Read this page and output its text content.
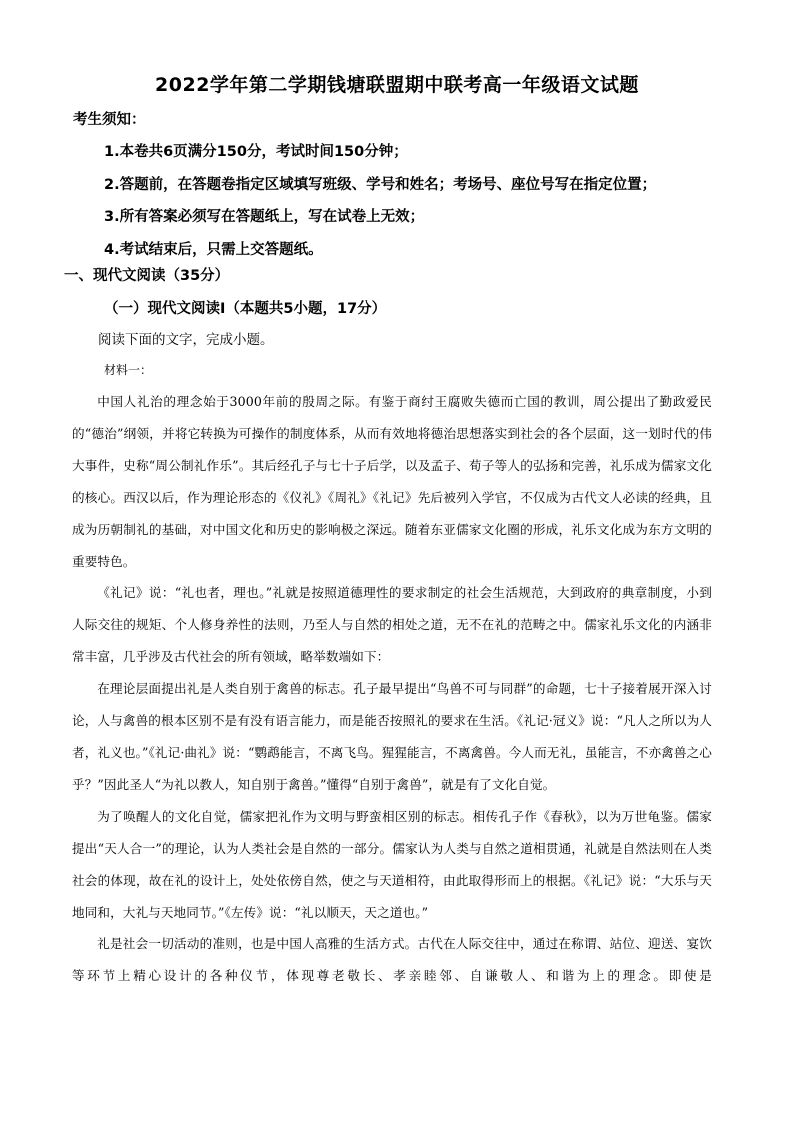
2022学年第二学期钱塘联盟期中联考高一年级语文试题
考生须知：
1.本卷共6页满分150分，考试时间150分钟；
2.答题前，在答题卷指定区域填写班级、学号和姓名；考场号、座位号写在指定位置；
3.所有答案必须写在答题纸上，写在试卷上无效；
4.考试结束后，只需上交答题纸。
一、现代文阅读（35分）
（一）现代文阅读Ⅰ（本题共5小题，17分）
阅读下面的文字，完成小题。
材料一：

中国人礼治的理念始于3000年前的殷周之际。有鉴于商纣王腐败失德而亡国的教训，周公提出了勤政爱民的“德治”纲领，并将它转换为可操作的制度体系，从而有效地将德治思想落实到社会的各个层面，这一划时代的伟大事件，史称“周公制礼作乐”。其后经孔子与七十子后学，以及孟子、荀子等人的弘扬和完善，礼乐成为儒家文化的核心。西汉以后，作为理论形态的《仪礼》《周礼》《礼记》先后被列入学官，不仅成为古代文人必读的经典，且成为历朝制礼的基础，对中国文化和历史的影响极之深远。随着东亚儒家文化圈的形成，礼乐文化成为东方文明的重要特色。

《礼记》说：“礼也者，理也。”礼就是按照道德理性的要求制定的社会生活规范，大到政府的典章制度，小到人际交往的规矩、个人修身养性的法则，乃至人与自然的相处之道，无不在礼的范畴之中。儒家礼乐文化的内涵非常丰富，几乎涉及古代社会的所有领域，略举数端如下：

在理论层面提出礼是人类自别于禽兽的标志。孔子最早提出“鸟兽不可与同群”的命题，七十子接着展开深入讨论，人与禽兽的根本区别不是有没有语言能力，而是能否按照礼的要求在生活。《礼记·冠义》说：“凡人之所以为人者，礼义也。”《礼记·曲礼》说：“鹦鹉能言，不离飞鸟。猩猩能言，不离禽兽。今人而无礼，虽能言，不亦禽兽之心乎？”因此圣人“为礼以教人，知自别于禽兽。”懂得“自别于禽兽”，就是有了文化自觉。

为了唤醒人的文化自觉，儒家把礼作为文明与野蛮相区别的标志。相传孔子作《春秋》，以为万世龟鉴。儒家提出“天人合一”的理论，认为人类社会是自然的一部分。儒家认为人类与自然之道相贯通，礼就是自然法则在人类社会的体现，故在礼的设计上，处处依傍自然，使之与天道相符，由此取得形而上的根据。《礼记》说：“大乐与天地同和，大礼与天地同节。”《左传》说：“礼以顺天，天之道也。”

礼是社会一切活动的准则，也是中国人高雅的生活方式。古代在人际交往中，通过在称谓、站位、迎送、宴饮等环节上精心设计的各种仪节，体现尊老敬长、孝亲睦邻、自谦敬人、和谐为上的理念。即使是
